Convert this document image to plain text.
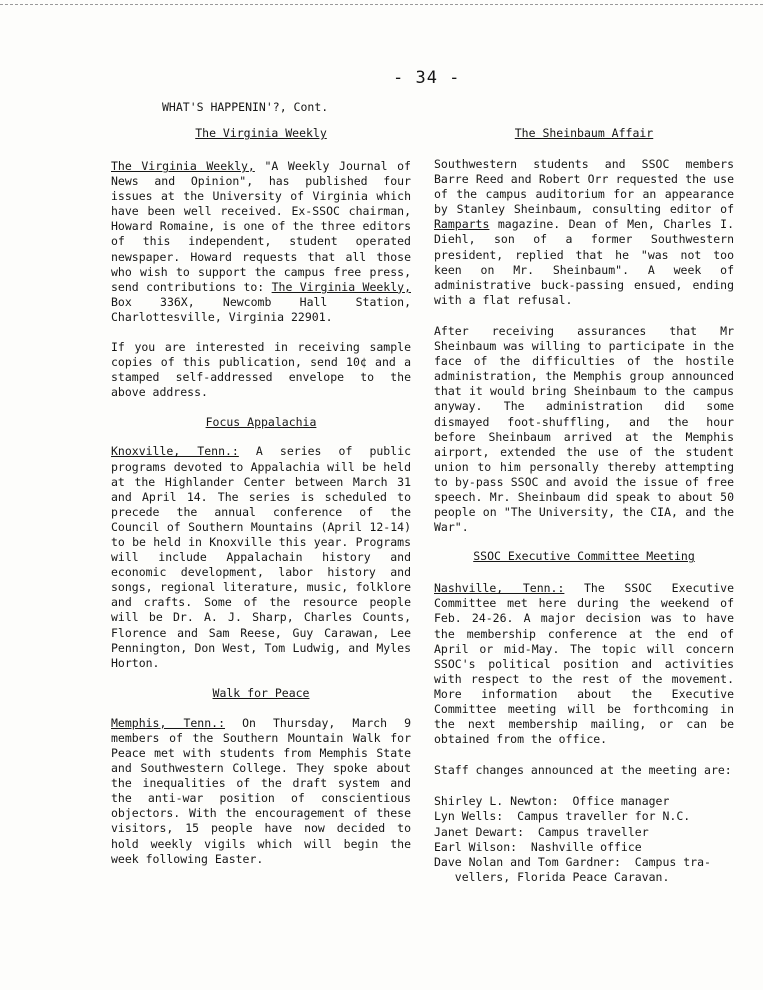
- 34 -
WHAT'S HAPPENIN'?, Cont.
The Virginia Weekly

The Virginia Weekly, "A Weekly Journal of News and Opinion", has published four issues at the University of Virginia which have been well received. Ex-SSOC chairman, Howard Romaine, is one of the three editors of this independent, student operated newspaper. Howard requests that all those who wish to support the campus free press, send contributions to: The Virginia Weekly, Box 336X, Newcomb Hall Station, Charlottesville, Virginia 22901.

If you are interested in receiving sample copies of this publication, send 10¢ and a stamped self-addressed envelope to the above address.

Focus Appalachia

Knoxville, Tenn.: A series of public programs devoted to Appalachia will be held at the Highlander Center between March 31 and April 14. The series is scheduled to precede the annual conference of the Council of Southern Mountains (April 12-14) to be held in Knoxville this year. Programs will include Appalachain history and economic development, labor history and songs, regional literature, music, folklore and crafts. Some of the resource people will be Dr. A. J. Sharp, Charles Counts, Florence and Sam Reese, Guy Carawan, Lee Pennington, Don West, Tom Ludwig, and Myles Horton.

Walk for Peace

Memphis, Tenn.: On Thursday, March 9 members of the Southern Mountain Walk for Peace met with students from Memphis State and Southwestern College. They spoke about the inequalities of the draft system and the anti-war position of conscientious objectors. With the encouragement of these visitors, 15 people have now decided to hold weekly vigils which will begin the week following Easter.

The Sheinbaum Affair

Southwestern students and SSOC members Barre Reed and Robert Orr requested the use of the campus auditorium for an appearance by Stanley Sheinbaum, consulting editor of Ramparts magazine. Dean of Men, Charles I. Diehl, son of a former Southwestern president, replied that he "was not too keen on Mr. Sheinbaum". A week of administrative buck-passing ensued, ending with a flat refusal.

After receiving assurances that Mr Sheinbaum was willing to participate in the face of the difficulties of the hostile administration, the Memphis group announced that it would bring Sheinbaum to the campus anyway. The administration did some dismayed foot-shuffling, and the hour before Sheinbaum arrived at the Memphis airport, extended the use of the student union to him personally thereby attempting to by-pass SSOC and avoid the issue of free speech. Mr. Sheinbaum did speak to about 50 people on "The University, the CIA, and the War".

SSOC Executive Committee Meeting

Nashville, Tenn.: The SSOC Executive Committee met here during the weekend of Feb. 24-26. A major decision was to have the membership conference at the end of April or mid-May. The topic will concern SSOC's political position and activities with respect to the rest of the movement. More information about the Executive Committee meeting will be forthcoming in the next membership mailing, or can be obtained from the office.

Staff changes announced at the meeting are:

Shirley L. Newton:  Office manager
Lyn Wells:  Campus traveller for N.C.
Janet Dewart:  Campus traveller
Earl Wilson:  Nashville office
Dave Nolan and Tom Gardner:  Campus tra-
vellers, Florida Peace Caravan.
